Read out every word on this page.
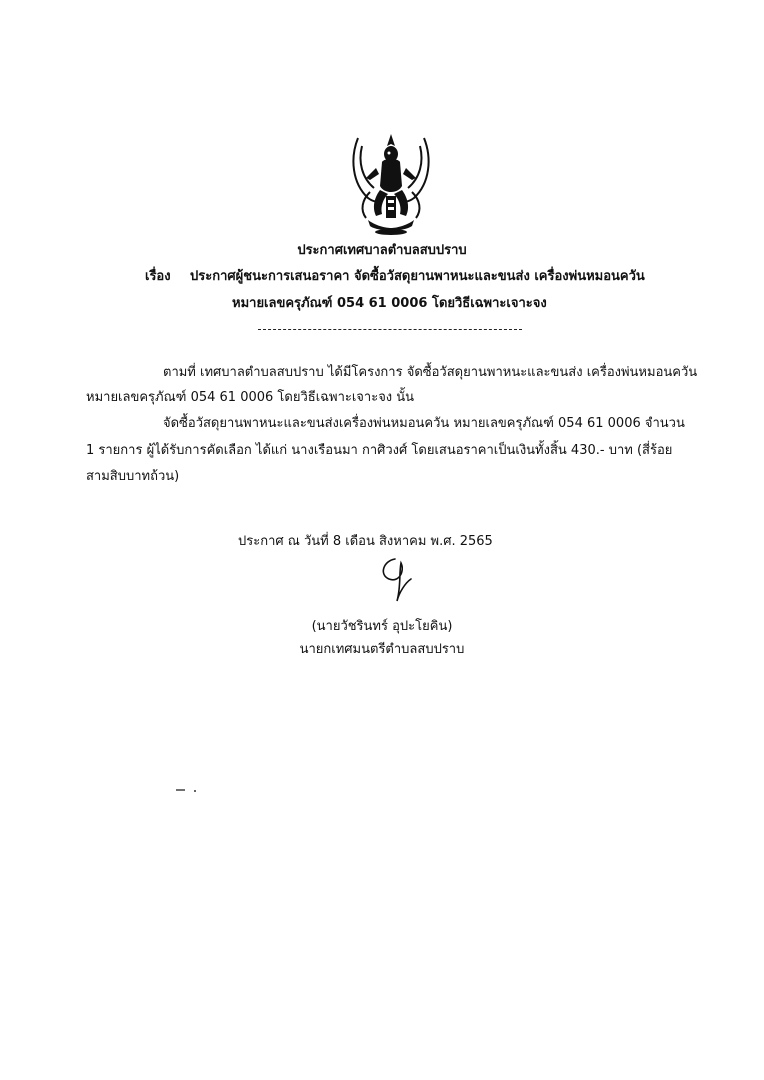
ประกาศเทศบาลตำบลสบปราบ
เรื่อง ประกาศผู้ชนะการเสนอราคา จัดซื้อวัสดุยานพาหนะและขนส่ง เครื่องพ่นหมอนควัน
หมายเลขครุภัณฑ์ 054 61 0006 โดยวิธีเฉพาะเจาะจง
ตามที่ เทศบาลตำบลสบปราบ ได้มีโครงการ จัดซื้อวัสดุยานพาหนะและขนส่ง เครื่องพ่นหมอนควัน
หมายเลขครุภัณฑ์ 054 61 0006 โดยวิธีเฉพาะเจาะจง นั้น
จัดซื้อวัสดุยานพาหนะและขนส่งเครื่องพ่นหมอนควัน หมายเลขครุภัณฑ์ 054 61 0006 จำนวน
1 รายการ ผู้ได้รับการคัดเลือก ได้แก่ นางเรือนมา กาศิวงศ์ โดยเสนอราคาเป็นเงินทั้งสิ้น 430.- บาท (สี่ร้อย
สามสิบบาทถ้วน)
ประกาศ ณ วันที่ 8 เดือน สิงหาคม พ.ศ. 2565
(นายวัชรินทร์ อุปะโยคิน)
นายกเทศมนตรีตำบลสบปราบ
